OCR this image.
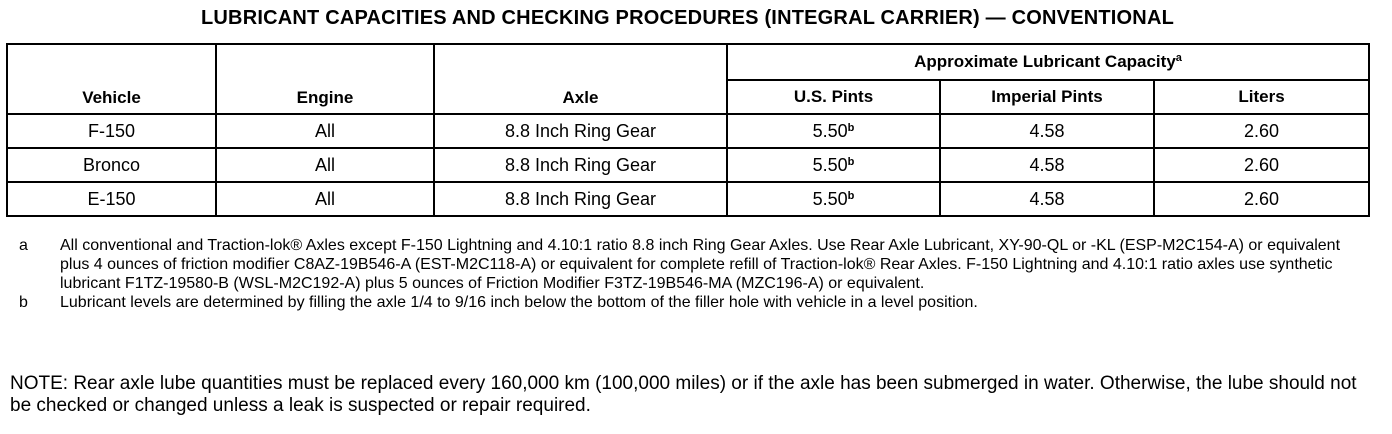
LUBRICANT CAPACITIES AND CHECKING PROCEDURES (INTEGRAL CARRIER) — CONVENTIONAL
Vehicle	Engine	Axle	Approximate Lubricant Capacity$^a$
			U.S. Pints	Imperial Pints	Liters
F-150	All	8.8 Inch Ring Gear	5.50$^b$	4.58	2.60
Bronco	All	8.8 Inch Ring Gear	5.50$^b$	4.58	2.60
E-150	All	8.8 Inch Ring Gear	5.50$^b$	4.58	2.60
a	All conventional and Traction-lok® Axles except F-150 Lightning and 4.10:1 ratio 8.8 inch Ring Gear Axles. Use Rear Axle Lubricant, XY-90-QL or -KL (ESP-M2C154-A) or equivalent plus 4 ounces of friction modifier C8AZ-19B546-A (EST-M2C118-A) or equivalent for complete refill of Traction-lok® Rear Axles. F-150 Lightning and 4.10:1 ratio axles use synthetic lubricant F1TZ-19580-B (WSL-M2C192-A) plus 5 ounces of Friction Modifier F3TZ-19B546-MA (MZC196-A) or equivalent.
b	Lubricant levels are determined by filling the axle 1/4 to 9/16 inch below the bottom of the filler hole with vehicle in a level position.
NOTE: Rear axle lube quantities must be replaced every 160,000 km (100,000 miles) or if the axle has been submerged in water. Otherwise, the lube should not be checked or changed unless a leak is suspected or repair required.
